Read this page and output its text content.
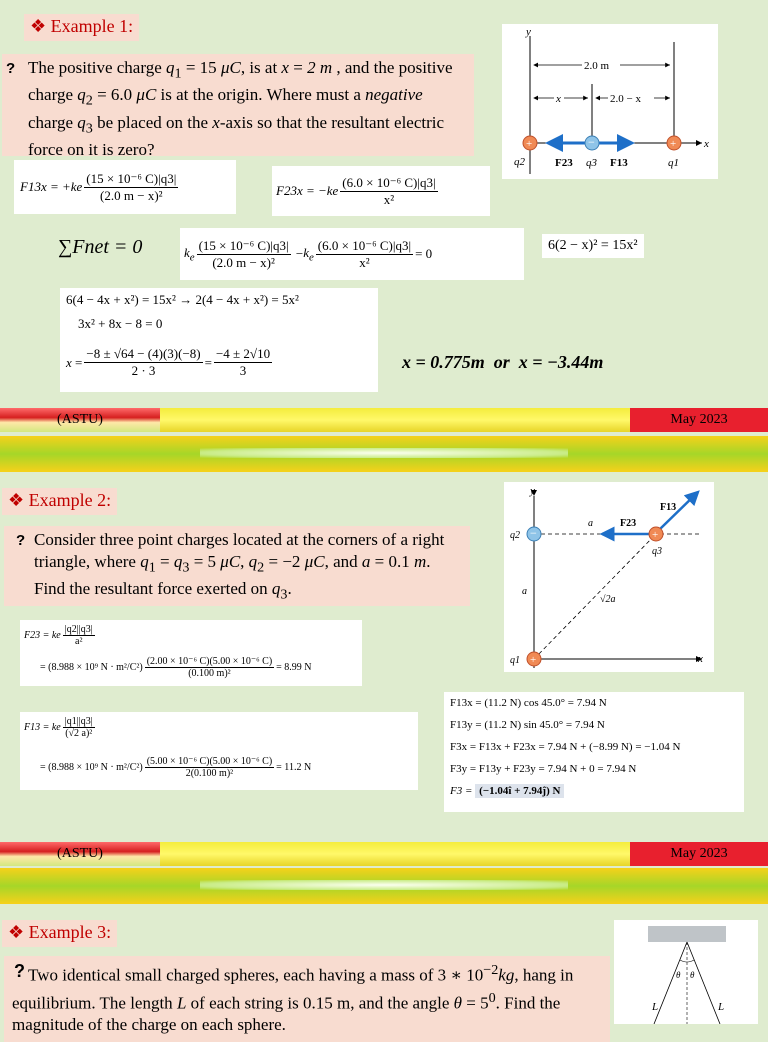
❖ Example 1:
? The positive charge $q_1 = 15$ μC, is at x = 2 m , and the positive charge $q_2 = 6.0$ μC is at the origin. Where must a negative charge $q_3$ be placed on the x-axis so that the resultant electric force on it is zero?
y
x
2.0 m
x	2.0 − x
+	−	+
q2	F23 q3 F13	q1
$F13x = +ke \frac{\text{(15 × 10⁻⁶ C)|q3|}}{\text{(2.0 m − x)²}}$	$F23x = -ke \frac{\text{(6.0 × 10⁻⁶ C)|q3|}}{\text{x²}}$
∑Fnet = 0	$k_e \frac{\text{(15 × 10⁻⁶ C)|q3|}}{\text{(2.0 m − x)²}} - k_e \frac{\text{(6.0 × 10⁻⁶ C)|q3|}}{\text{x²}} = 0$
6(2 − x)² = 15x²
6(4 − 4x + x²) = 15x² → 2(4 − 4x + x²) = 5x²
3x² + 8x − 8 = 0
$x = \frac{-8 \pm √64 - (4)(3)(-8)}{2 \cdot 3} = \frac{-4 \pm 2√10}{3}$	x = 0.775m  or  x = −3.44m
(ASTU)	May 2023
❖ Example 2:
? Consider three point charges located at the corners of a right triangle, where $q_1 = q_3 = 5$ μC, $q_2 = -2$ μC, and a = 0.1 m. Find the resultant force exerted on $q_3$.
y
x
−	+
+
q2
q3
q1
a
a
F23
F13
√2a
F23 = ke $\frac{|q2||q3|}{\text{a²}}$
= (8.988 × 10⁹ $N \cdot m^2/C^2) \frac{\text{(2.00 × 10⁻⁶ C)(5.00 × 10⁻⁶ C)}}{\text{(0.100 m)²}} = 8.99$ N
F13 = ke $\frac{|q1||q3|}{\text{(√2 a)²}}$
= (8.988 × 10⁹ $N \cdot m^2/C^2) \frac{\text{(5.00 × 10⁻⁶ C)(5.00 × 10⁻⁶ C)}}{\text{2(0.100 m)²}} = 11.2$ N
F13x = (11.2 N) cos 45.0° = 7.94 N
F13y = (11.2 N) sin 45.0° = 7.94 N
F3x = F13x + F23x = 7.94 N + (−8.99 N) = −1.04 N
F3y = F13y + F23y = 7.94 N + 0 = 7.94 N
F3 = (−1.04î + 7.94ĵ) N
(ASTU)	May 2023
❖ Example 3:
? Two identical small charged spheres, each having a mass of 3 ∗ $10^{-2}kg$, hang in equilibrium. The length L of each string is 0.15 m, and the angle $\theta = 5^0$. Find the magnitude of the charge on each sphere.
θ θ
L	L
